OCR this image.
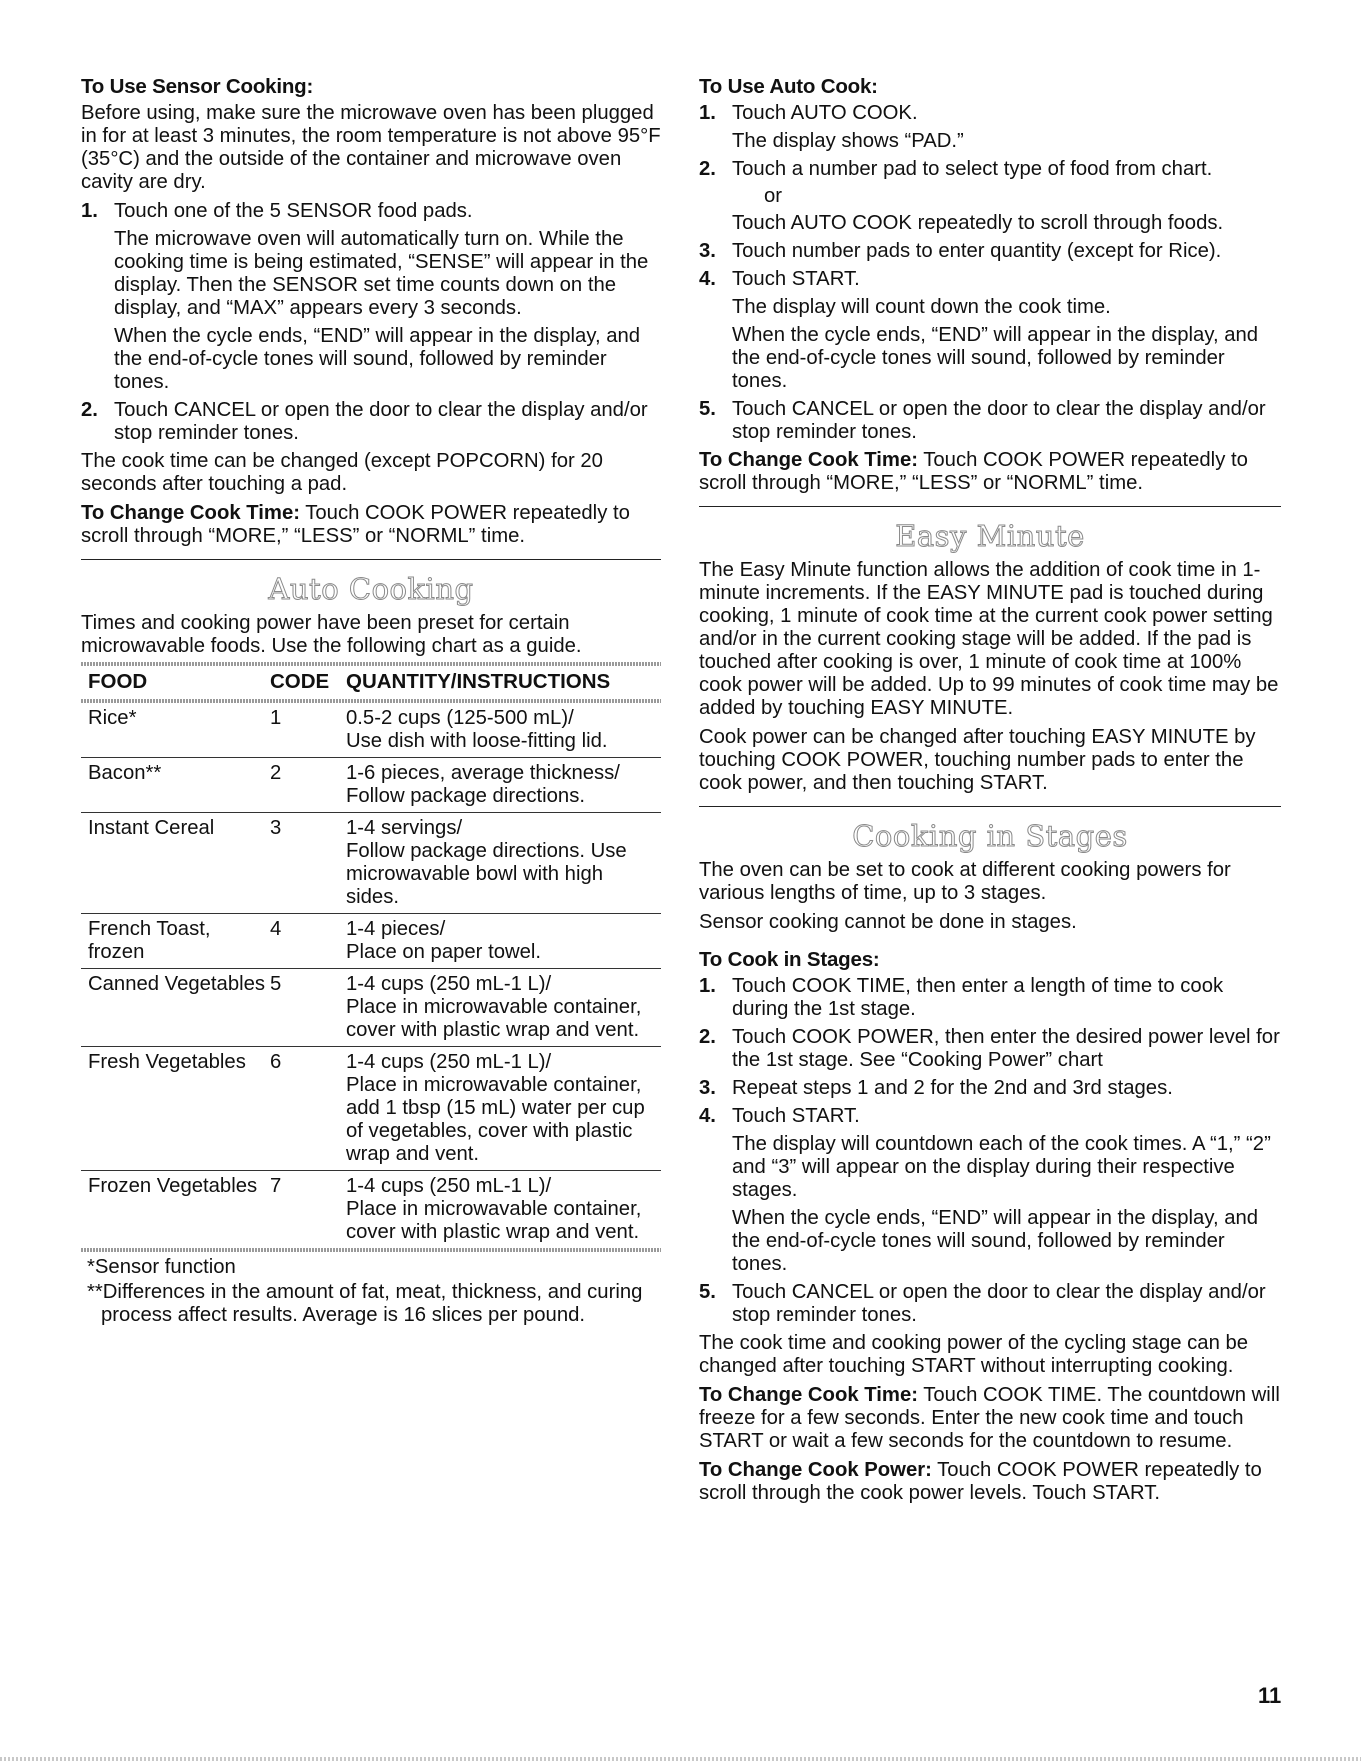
To Use Sensor Cooking:

Before using, make sure the microwave oven has been plugged in for at least 3 minutes, the room temperature is not above 95°F (35°C) and the outside of the container and microwave oven cavity are dry.

1. Touch one of the 5 SENSOR food pads.
The microwave oven will automatically turn on. While the cooking time is being estimated, “SENSE” will appear in the display. Then the SENSOR set time counts down on the display, and “MAX” appears every 3 seconds.
When the cycle ends, “END” will appear in the display, and the end-of-cycle tones will sound, followed by reminder tones.
2. Touch CANCEL or open the door to clear the display and/or stop reminder tones.

The cook time can be changed (except POPCORN) for 20 seconds after touching a pad.

To Change Cook Time: Touch COOK POWER repeatedly to scroll through “MORE,” “LESS” or “NORML” time.

Auto Cooking

Times and cooking power have been preset for certain microwavable foods. Use the following chart as a guide.

FOOD	CODE	QUANTITY/INSTRUCTIONS
Rice*	1	0.5-2 cups (125-500 mL)/
Use dish with loose-fitting lid.

Bacon**	2	1-6 pieces, average thickness/
Follow package directions.

Instant Cereal	3	1-4 servings/
Follow package directions. Use microwavable bowl with high sides.

French Toast, frozen	4	1-4 pieces/
Place on paper towel.

Canned Vegetables	5	1-4 cups (250 mL-1 L)/
Place in microwavable container, cover with plastic wrap and vent.

Fresh Vegetables	6	1-4 cups (250 mL-1 L)/
Place in microwavable container, add 1 tbsp (15 mL) water per cup of vegetables, cover with plastic wrap and vent.

Frozen Vegetables	7	1-4 cups (250 mL-1 L)/
Place in microwavable container, cover with plastic wrap and vent.

*Sensor function

**Differences in the amount of fat, meat, thickness, and curing process affect results. Average is 16 slices per pound.

To Use Auto Cook:
1. Touch AUTO COOK.
The display shows “PAD.”
2. Touch a number pad to select type of food from chart.
or
Touch AUTO COOK repeatedly to scroll through foods.
3. Touch number pads to enter quantity (except for Rice).
4. Touch START.
The display will count down the cook time.
When the cycle ends, “END” will appear in the display, and the end-of-cycle tones will sound, followed by reminder tones.
5. Touch CANCEL or open the door to clear the display and/or stop reminder tones.

To Change Cook Time: Touch COOK POWER repeatedly to scroll through “MORE,” “LESS” or “NORML” time.

Easy Minute

The Easy Minute function allows the addition of cook time in 1-minute increments. If the EASY MINUTE pad is touched during cooking, 1 minute of cook time at the current cook power setting and/or in the current cooking stage will be added. If the pad is touched after cooking is over, 1 minute of cook time at 100% cook power will be added. Up to 99 minutes of cook time may be added by touching EASY MINUTE.

Cook power can be changed after touching EASY MINUTE by touching COOK POWER, touching number pads to enter the cook power, and then touching START.

Cooking in Stages

The oven can be set to cook at different cooking powers for various lengths of time, up to 3 stages.

Sensor cooking cannot be done in stages.

To Cook in Stages:
1. Touch COOK TIME, then enter a length of time to cook during the 1st stage.
2. Touch COOK POWER, then enter the desired power level for the 1st stage. See “Cooking Power” chart
3. Repeat steps 1 and 2 for the 2nd and 3rd stages.
4. Touch START.
The display will countdown each of the cook times. A “1,” “2” and “3” will appear on the display during their respective stages.
When the cycle ends, “END” will appear in the display, and the end-of-cycle tones will sound, followed by reminder tones.
5. Touch CANCEL or open the door to clear the display and/or stop reminder tones.

The cook time and cooking power of the cycling stage can be changed after touching START without interrupting cooking.

To Change Cook Time: Touch COOK TIME. The countdown will freeze for a few seconds. Enter the new cook time and touch START or wait a few seconds for the countdown to resume.

To Change Cook Power: Touch COOK POWER repeatedly to scroll through the cook power levels. Touch START.

11
